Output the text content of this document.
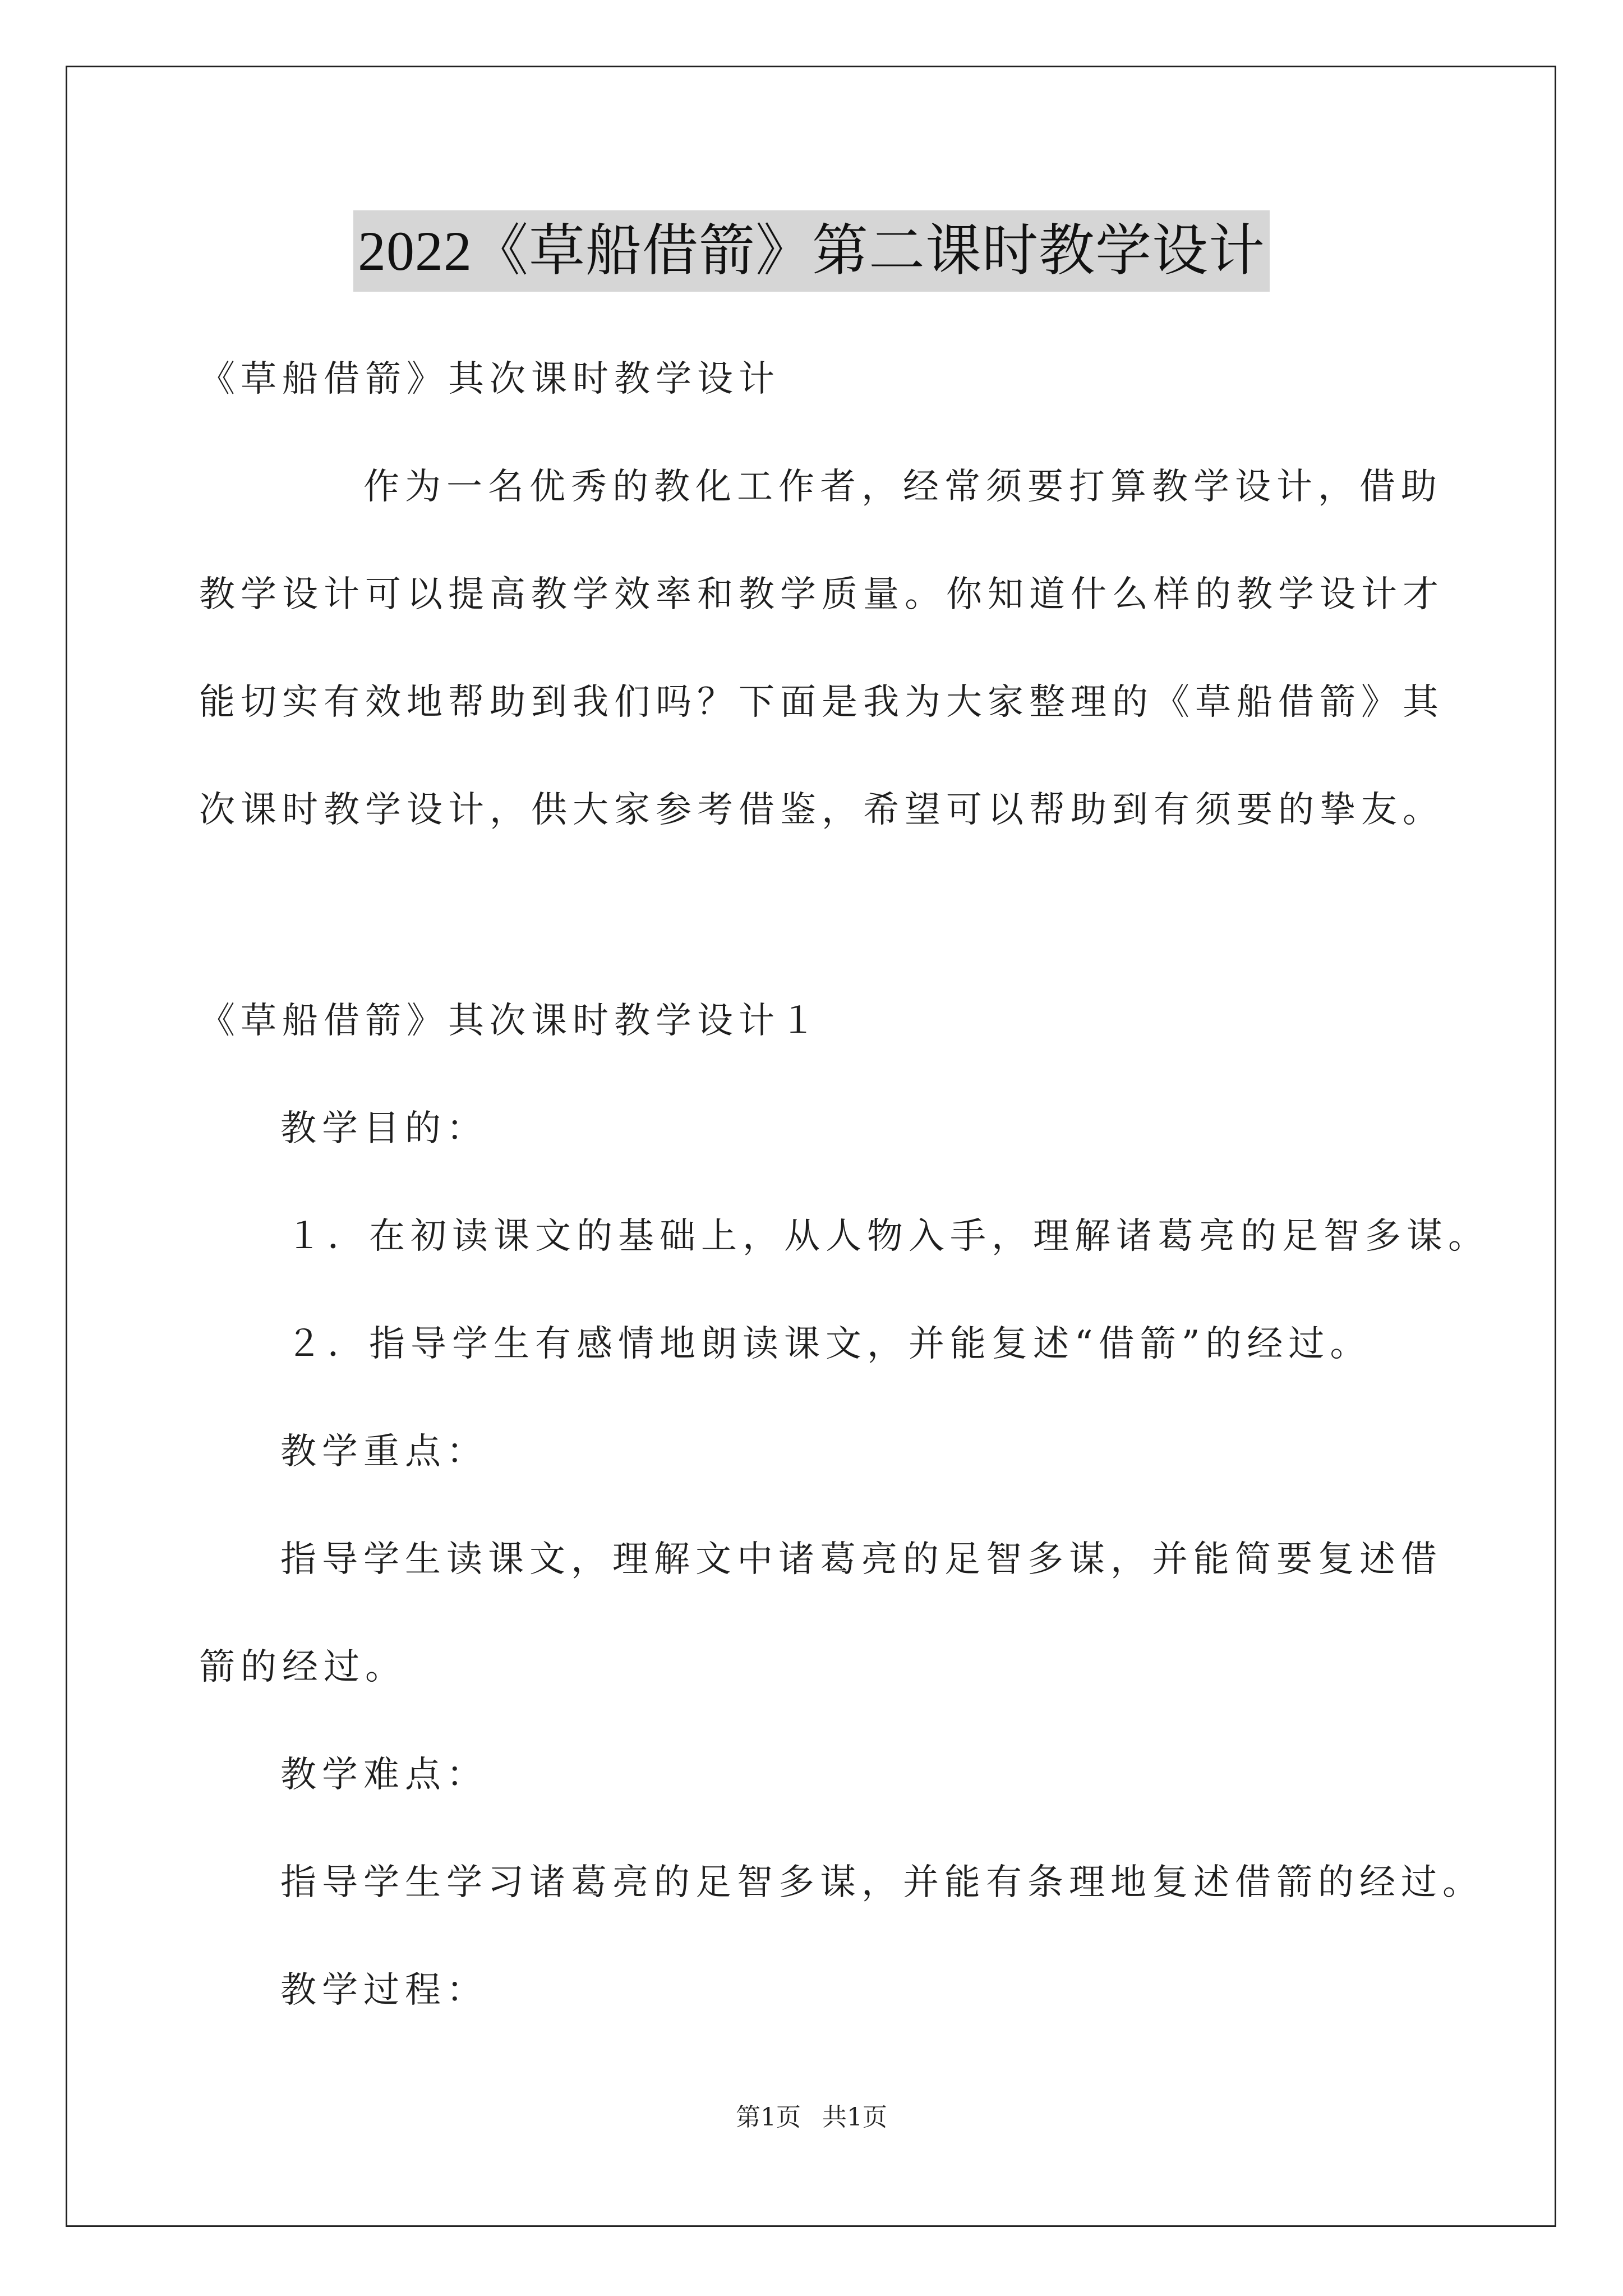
2022《草船借箭》第二课时教学设计
《草船借箭》其次课时教学设计
作为一名优秀的教化工作者，经常须要打算教学设计，借助
教学设计可以提高教学效率和教学质量。你知道什么样的教学设计才
能切实有效地帮助到我们吗？下面是我为大家整理的《草船借箭》其
次课时教学设计，供大家参考借鉴，希望可以帮助到有须要的挚友。
《草船借箭》其次课时教学设计１
教学目的：
１．在初读课文的基础上，从人物入手，理解诸葛亮的足智多谋。
２．指导学生有感情地朗读课文，并能复述“借箭”的经过。
教学重点：
指导学生读课文，理解文中诸葛亮的足智多谋，并能简要复述借
箭的经过。
教学难点：
指导学生学习诸葛亮的足智多谋，并能有条理地复述借箭的经过。
教学过程：
第1页 共1页
